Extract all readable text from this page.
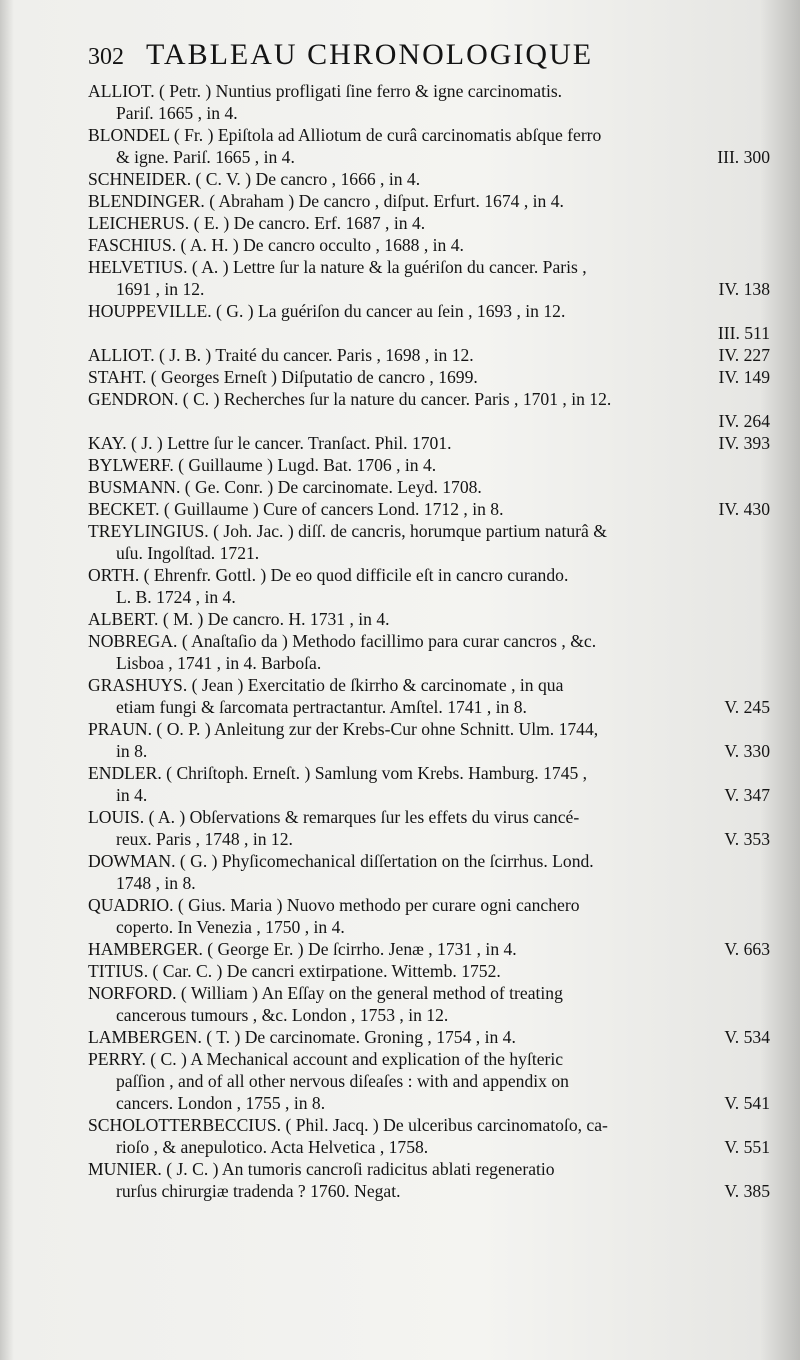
302 TABLEAU CHRONOLOGIQUE
ALLIOT. ( Petr. ) Nuntius profligati ſine ferro & igne carcinomatis.
Pariſ. 1665 , in 4.
BLONDEL ( Fr. ) Epiſtola ad Alliotum de curâ carcinomatis abſque ferro
& igne. Pariſ. 1665 , in 4.	III. 300
SCHNEIDER. ( C. V. ) De cancro , 1666 , in 4.
BLENDINGER. ( Abraham ) De cancro , diſput. Erfurt. 1674 , in 4.
LEICHERUS. ( E. ) De cancro. Erf. 1687 , in 4.
FASCHIUS. ( A. H. ) De cancro occulto , 1688 , in 4.
HELVETIUS. ( A. ) Lettre ſur la nature & la guériſon du cancer. Paris ,
1691 , in 12.	IV. 138
HOUPPEVILLE. ( G. ) La guériſon du cancer au ſein , 1693 , in 12.
III. 511
ALLIOT. ( J. B. ) Traité du cancer. Paris , 1698 , in 12.	IV. 227
STAHT. ( Georges Erneſt ) Diſputatio de cancro , 1699.	IV. 149
GENDRON. ( C. ) Recherches ſur la nature du cancer. Paris , 1701 , in 12.
IV. 264
KAY. ( J. ) Lettre ſur le cancer. Tranſact. Phil. 1701.	IV. 393
BYLWERF. ( Guillaume ) Lugd. Bat. 1706 , in 4.
BUSMANN. ( Ge. Conr. ) De carcinomate. Leyd. 1708.
BECKET. ( Guillaume ) Cure of cancers Lond. 1712 , in 8.	IV. 430
TREYLINGIUS. ( Joh. Jac. ) diſſ. de cancris, horumque partium naturâ &
uſu. Ingolſtad. 1721.
ORTH. ( Ehrenfr. Gottl. ) De eo quod difficile eſt in cancro curando.
L. B. 1724 , in 4.
ALBERT. ( M. ) De cancro. H. 1731 , in 4.
NOBREGA. ( Anaſtaſio da ) Methodo facillimo para curar cancros , &c.
Lisboa , 1741 , in 4. Barboſa.
GRASHUYS. ( Jean ) Exercitatio de ſkirrho & carcinomate , in qua
etiam fungi & ſarcomata pertractantur. Amſtel. 1741 , in 8.	V. 245
PRAUN. ( O. P. ) Anleitung zur der Krebs-Cur ohne Schnitt. Ulm. 1744,
in 8.	V. 330
ENDLER. ( Chriſtoph. Erneſt. ) Samlung vom Krebs. Hamburg. 1745 ,
in 4.	V. 347
LOUIS. ( A. ) Obſervations & remarques ſur les effets du virus cancé-
reux. Paris , 1748 , in 12.	V. 353
DOWMAN. ( G. ) Phyſicomechanical diſſertation on the ſcirrhus. Lond.
1748 , in 8.
QUADRIO. ( Gius. Maria ) Nuovo methodo per curare ogni canchero
coperto. In Venezia , 1750 , in 4.
HAMBERGER. ( George Er. ) De ſcirrho. Jenæ , 1731 , in 4.	V. 663
TITIUS. ( Car. C. ) De cancri extirpatione. Wittemb. 1752.
NORFORD. ( William ) An Eſſay on the general method of treating
cancerous tumours , &c. London , 1753 , in 12.
LAMBERGEN. ( T. ) De carcinomate. Groning , 1754 , in 4.	V. 534
PERRY. ( C. ) A Mechanical account and explication of the hyſteric
paſſion , and of all other nervous diſeaſes : with and appendix on
cancers. London , 1755 , in 8.	V. 541
SCHOLOTTERBECCIUS. ( Phil. Jacq. ) De ulceribus carcinomatoſo, ca-
rioſo , & anepulotico. Acta Helvetica , 1758.	V. 551
MUNIER. ( J. C. ) An tumoris cancroſi radicitus ablati regeneratio
rurſus chirurgiæ tradenda ? 1760. Negat.	V. 385
